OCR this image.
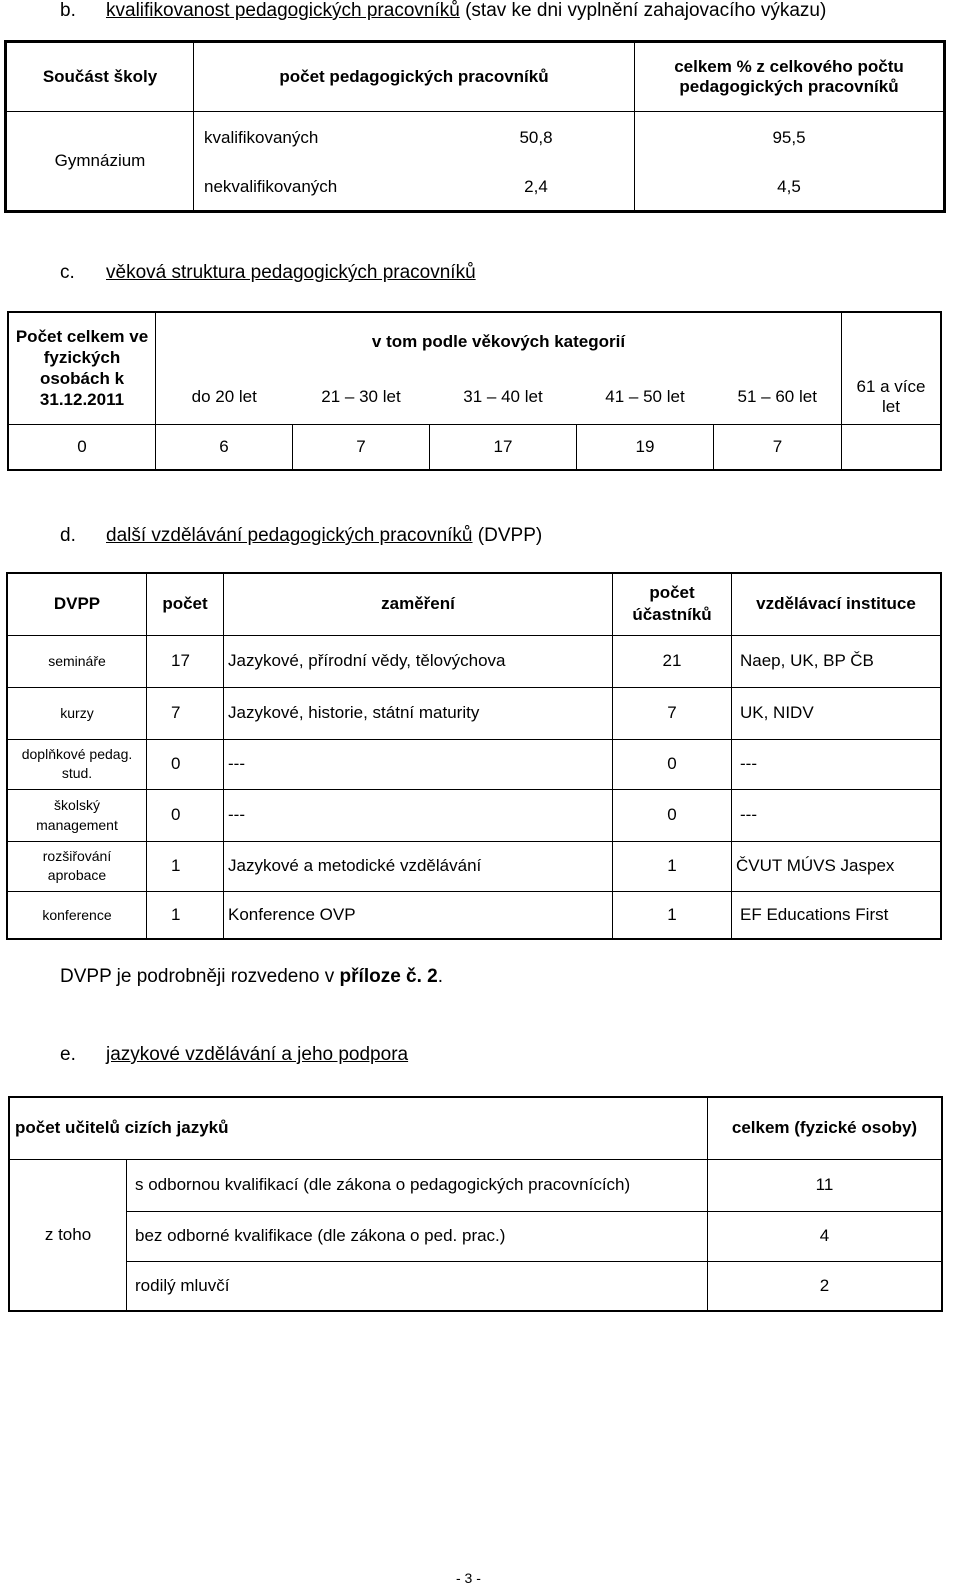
b. kvalifikovanost pedagogických pracovníků (stav ke dni vyplnění zahajovacího výkazu)
Součást školy	počet pedagogických pracovníků		celkem % z celkového počtu pedagogických pracovníků
Gymnázium	kvalifikovaných	50,8	95,5
	nekvalifikovaných	2,4	4,5
c. věková struktura pedagogických pracovníků
Počet celkem ve fyzických osobách k 31.12.2011	v tom podle věkových kategorií					
	do 20 let	21 – 30 let	31 – 40 let	41 – 50 let	51 – 60 let	61 a více let
0	6	7	17	19	7	
d. další vzdělávání pedagogických pracovníků (DVPP)
DVPP	počet	zaměření	počet účastníků	vzdělávací instituce
semináře	17	Jazykové, přírodní vědy, tělovýchova	21	Naep, UK, BP ČB
kurzy	7	Jazykové, historie, státní maturity	7	UK, NIDV
doplňkové pedag. stud.	0	---	0	---
školský management	0	---	0	---
rozšiřování aprobace	1	Jazykové a metodické vzdělávání	1	ČVUT MÚVS Jaspex
konference	1	Konference OVP	1	EF Educations First
DVPP je podrobněji rozvedeno v příloze č. 2.
e. jazykové vzdělávání a jeho podpora
počet učitelů cizích jazyků		celkem (fyzické osoby)
z toho	s odbornou kvalifikací (dle zákona o pedagogických pracovnících)	11
	bez odborné kvalifikace (dle zákona o ped. prac.)	4
	rodilý mluvčí	2
- 3 -
